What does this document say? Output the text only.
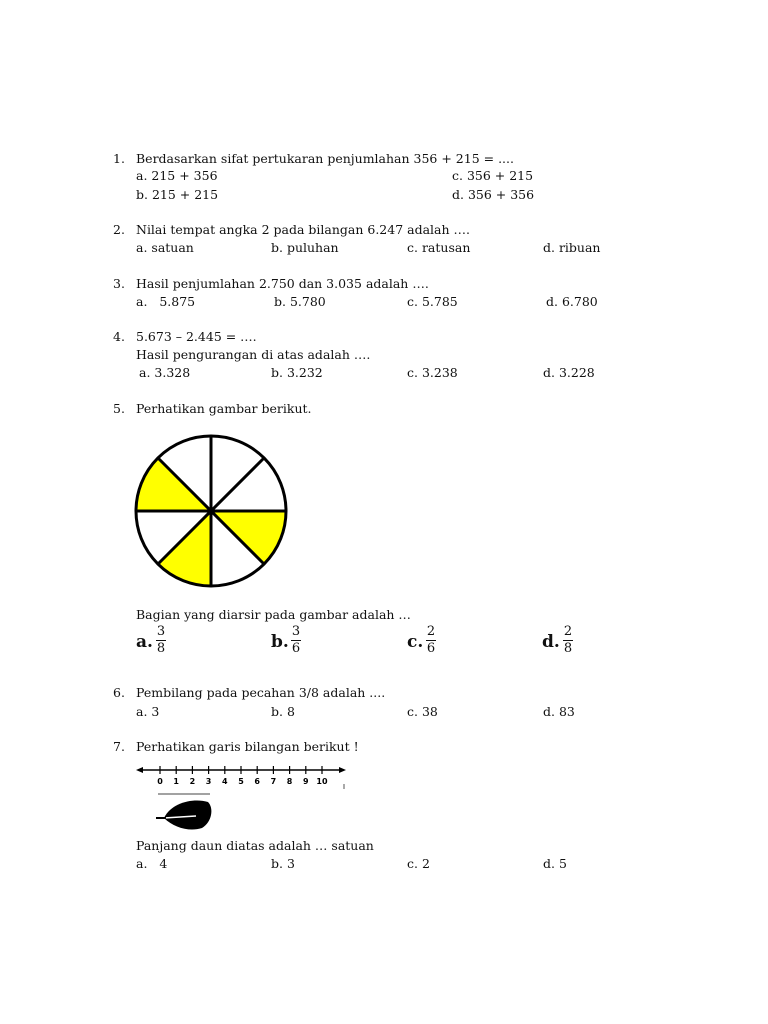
1. Berdasarkan sifat pertukaran penjumlahan 356 + 215 = ....
a. 215 + 356	c. 356 + 215
b. 215 + 215	d. 356 + 356
2. Nilai tempat angka 2 pada bilangan 6.247 adalah ….
a. satuan	b. puluhan	c. ratusan	d. ribuan
3. Hasil penjumlahan 2.750 dan 3.035 adalah ….
a.   5.875	b. 5.780	c. 5.785	d. 6.780
4. 5.673 – 2.445 = ….
Hasil pengurangan di atas adalah ….
a. 3.328	b. 3.232	c. 3.238	d. 3.228
5. Perhatikan gambar berikut.
Bagian yang diarsir pada gambar adalah …
a.
3
8	b.
3
6	c.
2
6	d.
2
8
6. Pembilang pada pecahan 3/8 adalah ....
a. 3	b. 8	c. 38	d. 83
7. Perhatikan garis bilangan berikut !
0 1 2 3 4 5 6 7 8 9 10
Panjang daun diatas adalah … satuan
a.   4	b. 3	c. 2	d. 5
